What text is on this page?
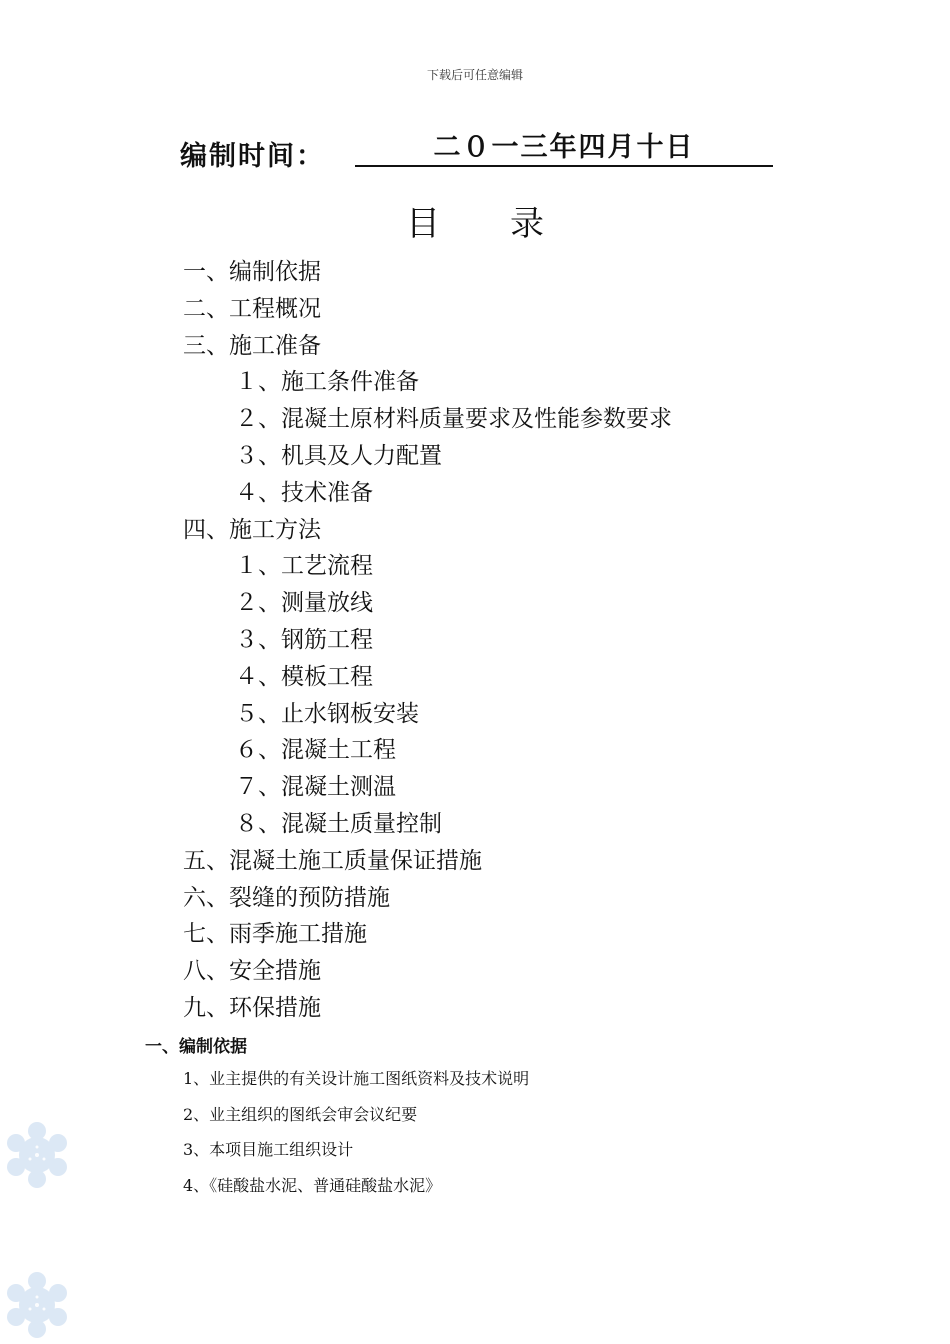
下载后可任意编辑
编制时间：	二０一三年四月十日
目录
一、编制依据
二、工程概况
三、施工准备
１、施工条件准备
２、混凝土原材料质量要求及性能参数要求
３、机具及人力配置
４、技术准备
四、施工方法
１、工艺流程
２、测量放线
３、钢筋工程
４、模板工程
５、止水钢板安装
６、混凝土工程
７、混凝土测温
８、混凝土质量控制
五、混凝土施工质量保证措施
六、裂缝的预防措施
七、雨季施工措施
八、安全措施
九、环保措施
一、编制依据
1、业主提供的有关设计施工图纸资料及技术说明
2、业主组织的图纸会审会议纪要
3、本项目施工组织设计
4、《硅酸盐水泥、普通硅酸盐水泥》
